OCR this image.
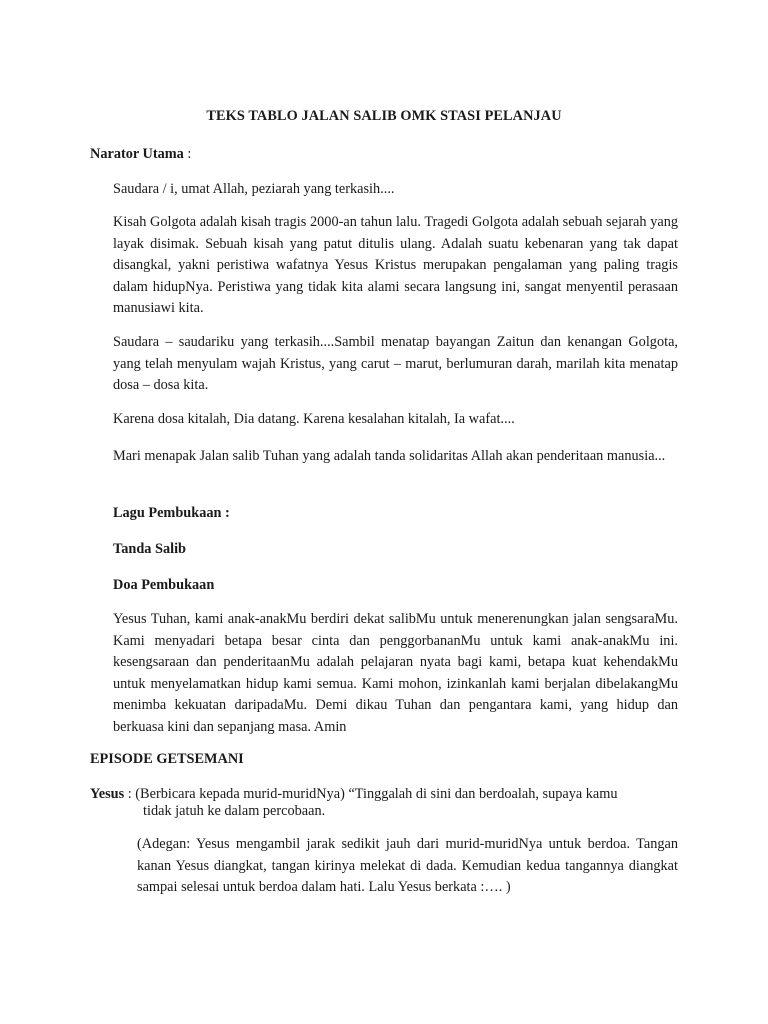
TEKS TABLO JALAN SALIB OMK STASI PELANJAU

Narator Utama :

Saudara / i, umat Allah, peziarah yang terkasih....

Kisah Golgota adalah kisah tragis 2000-an tahun lalu. Tragedi Golgota adalah sebuah sejarah yang layak disimak. Sebuah kisah yang patut ditulis ulang. Adalah suatu kebenaran yang tak dapat disangkal, yakni peristiwa wafatnya Yesus Kristus merupakan pengalaman yang paling tragis dalam hidupNya. Peristiwa yang tidak kita alami secara langsung ini, sangat menyentil perasaan manusiawi kita.

Saudara – saudariku yang terkasih....Sambil menatap bayangan Zaitun dan kenangan Golgota, yang telah menyulam wajah Kristus, yang carut – marut, berlumuran darah, marilah kita menatap dosa – dosa kita.

Karena dosa kitalah, Dia datang. Karena kesalahan kitalah, Ia wafat....

Mari menapak Jalan salib Tuhan yang adalah tanda solidaritas Allah akan penderitaan manusia...

Lagu Pembukaan :

Tanda Salib

Doa Pembukaan

Yesus Tuhan, kami anak-anakMu berdiri dekat salibMu untuk menerenungkan jalan sengsaraMu. Kami menyadari betapa besar cinta dan penggorbananMu untuk kami anak-anakMu ini. kesengsaraan dan penderitaanMu adalah pelajaran nyata bagi kami, betapa kuat kehendakMu untuk menyelamatkan hidup kami semua. Kami mohon, izinkanlah kami berjalan dibelakangMu menimba kekuatan daripadaMu. Demi dikau Tuhan dan pengantara kami, yang hidup dan berkuasa kini dan sepanjang masa. Amin

EPISODE GETSEMANI

Yesus : (Berbicara kepada murid-muridNya) “Tinggalah di sini dan berdoalah, supaya kamu
tidak jatuh ke dalam percobaan.

(Adegan: Yesus mengambil jarak sedikit jauh dari murid-muridNya untuk berdoa. Tangan kanan Yesus diangkat, tangan kirinya melekat di dada. Kemudian kedua tangannya diangkat sampai selesai untuk berdoa dalam hati. Lalu Yesus berkata :…. )
